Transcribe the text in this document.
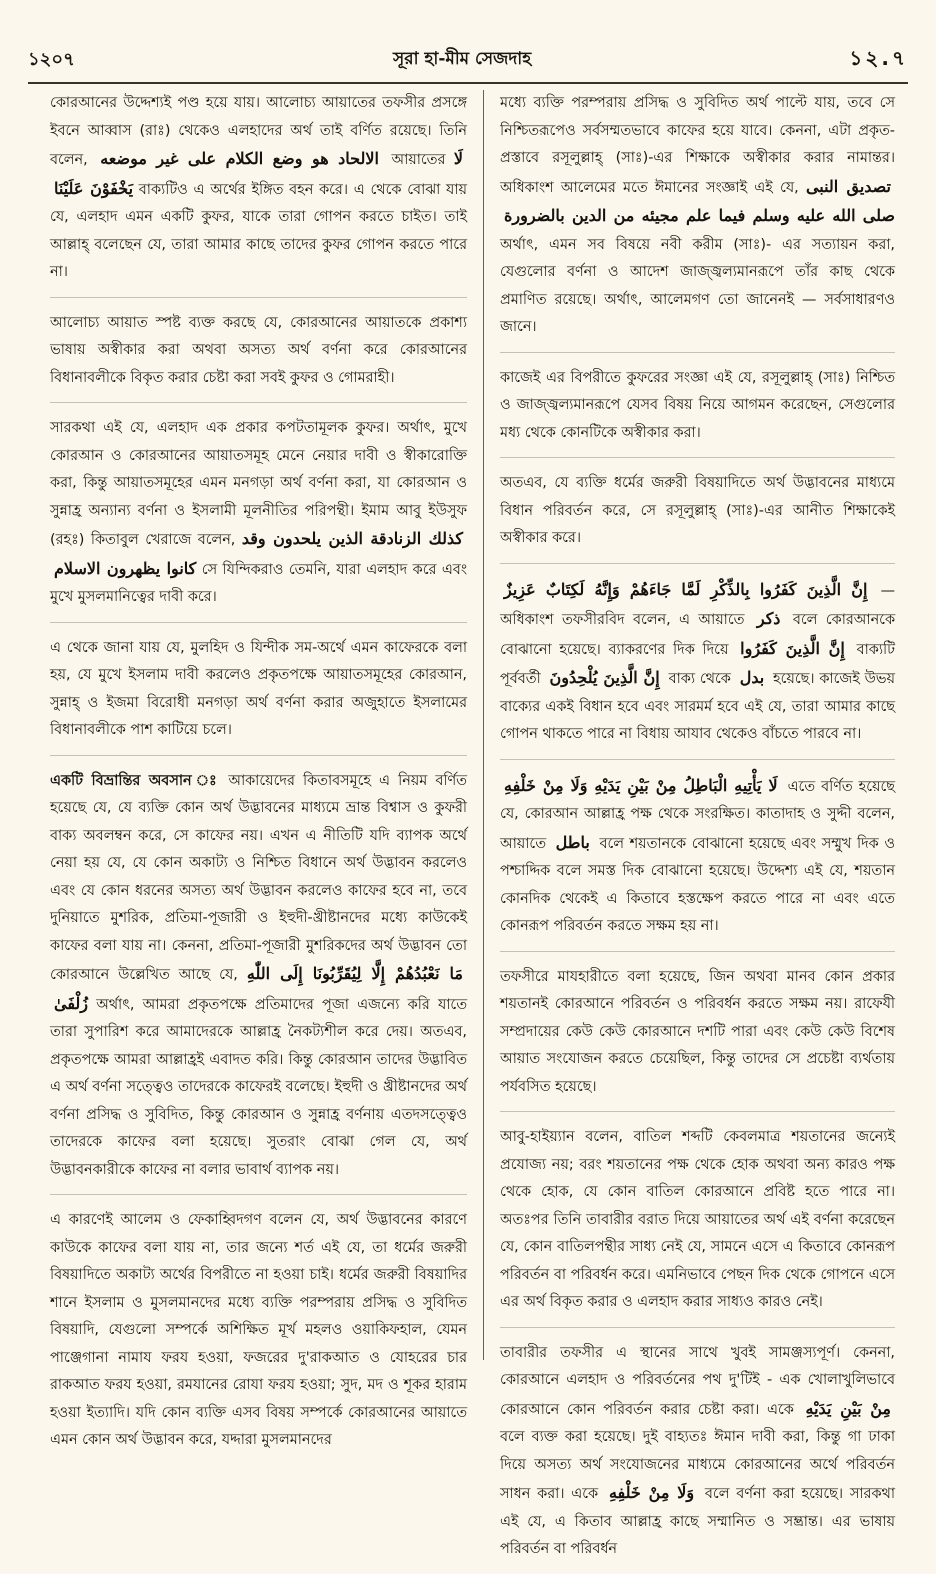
১২০৭	সূরা হা-মীম সেজদাহ	১২.৭

কোরআনের উদ্দেশ্যই পণ্ড হয়ে যায়। আলোচ্য আয়াতের তফসীর প্রসঙ্গে ইবনে আব্বাস (রাঃ) থেকেও এলহাদের অর্থ তাই বর্ণিত রয়েছে। তিনি বলেন, الالحاد هو وضع الكلام على غير موضعه আয়াতের لَا يَخْفَوْنَ عَلَيْنَا বাক্যটিও এ অর্থের ইঙ্গিত বহন করে। এ থেকে বোঝা যায় যে, এলহাদ এমন একটি কুফর, যাকে তারা গোপন করতে চাইত। তাই আল্লাহ্ বলেছেন যে, তারা আমার কাছে তাদের কুফর গোপন করতে পারে না।

আলোচ্য আয়াত স্পষ্ট ব্যক্ত করছে যে, কোরআনের আয়াতকে প্রকাশ্য ভাষায় অস্বীকার করা অথবা অসত্য অর্থ বর্ণনা করে কোরআনের বিধানাবলীকে বিকৃত করার চেষ্টা করা সবই কুফর ও গোমরাহী।

সারকথা এই যে, এলহাদ এক প্রকার কপটতামূলক কুফর। অর্থাৎ, মুখে কোরআন ও কোরআনের আয়াতসমূহ মেনে নেয়ার দাবী ও স্বীকারোক্তি করা, কিন্তু আয়াতসমূহের এমন মনগড়া অর্থ বর্ণনা করা, যা কোরআন ও সুন্নাহ্র অন্যান্য বর্ণনা ও ইসলামী মূলনীতির পরিপন্থী। ইমাম আবু ইউসুফ (রহঃ) কিতাবুল খেরাজে বলেন, كذلك الزنادقة الذين يلحدون وقد كانوا يظهرون الاسلام সে যিন্দিকরাও তেমনি, যারা এলহাদ করে এবং মুখে মুসলমানিত্বের দাবী করে।

এ থেকে জানা যায় যে, মুলহিদ ও যিন্দীক সম-অর্থে এমন কাফেরকে বলা হয়, যে মুখে ইসলাম দাবী করলেও প্রকৃতপক্ষে আয়াতসমূহের কোরআন, সুন্নাহ্ ও ইজমা বিরোধী মনগড়া অর্থ বর্ণনা করার অজুহাতে ইসলামের বিধানাবলীকে পাশ কাটিয়ে চলে।

একটি বিভ্রান্তির অবসান ঃ আকায়েদের কিতাবসমূহে এ নিয়ম বর্ণিত হয়েছে যে, যে ব্যক্তি কোন অর্থ উদ্ভাবনের মাধ্যমে ভ্রান্ত বিশ্বাস ও কুফরী বাক্য অবলম্বন করে, সে কাফের নয়। এখন এ নীতিটি যদি ব্যাপক অর্থে নেয়া হয় যে, যে কোন অকাট্য ও নিশ্চিত বিধানে অর্থ উদ্ভাবন করলেও এবং যে কোন ধরনের অসত্য অর্থ উদ্ভাবন করলেও কাফের হবে না, তবে দুনিয়াতে মুশরিক, প্রতিমা-পূজারী ও ইহুদী-খ্রীষ্টানদের মধ্যে কাউকেই কাফের বলা যায় না। কেননা, প্রতিমা-পূজারী মুশরিকদের অর্থ উদ্ভাবন তো কোরআনে উল্লেখিত আছে যে, مَا نَعْبُدُهُمْ إِلَّا لِيُقَرِّبُونَا إِلَى اللّٰهِ زُلْفَىٰ অর্থাৎ, আমরা প্রকৃতপক্ষে প্রতিমাদের পূজা এজন্যে করি যাতে তারা সুপারিশ করে আমাদেরকে আল্লাহ্র নৈকট্যশীল করে দেয়। অতএব, প্রকৃতপক্ষে আমরা আল্লাহ্রই এবাদত করি। কিন্তু কোরআন তাদের উদ্ভাবিত এ অর্থ বর্ণনা সত্ত্বেও তাদেরকে কাফেরই বলেছে। ইহুদী ও খ্রীষ্টানদের অর্থ বর্ণনা প্রসিদ্ধ ও সুবিদিত, কিন্তু কোরআন ও সুন্নাহ্র বর্ণনায় এতদসত্ত্বেও তাদেরকে কাফের বলা হয়েছে। সুতরাং বোঝা গেল যে, অর্থ উদ্ভাবনকারীকে কাফের না বলার ভাবার্থ ব্যাপক নয়।

এ কারণেই আলেম ও ফেকাহ্বিদগণ বলেন যে, অর্থ উদ্ভাবনের কারণে কাউকে কাফের বলা যায় না, তার জন্যে শর্ত এই যে, তা ধর্মের জরুরী বিষয়াদিতে অকাট্য অর্থের বিপরীতে না হওয়া চাই। ধর্মের জরুরী বিষয়াদির শানে ইসলাম ও মুসলমানদের মধ্যে ব্যক্তি পরম্পরায় প্রসিদ্ধ ও সুবিদিত বিষয়াদি, যেগুলো সম্পর্কে অশিক্ষিত মূর্খ মহলও ওয়াকিফহাল, যেমন পাঞ্জেগানা নামায ফরয হওয়া, ফজরের দু'রাকআত ও যোহরের চার রাকআত ফরয হওয়া, রমযানের রোযা ফরয হওয়া; সুদ, মদ ও শূকর হারাম হওয়া ইত্যাদি। যদি কোন ব্যক্তি এসব বিষয় সম্পর্কে কোরআনের আয়াতে এমন কোন অর্থ উদ্ভাবন করে, যদ্দারা মুসলমানদের

মধ্যে ব্যক্তি পরম্পরায় প্রসিদ্ধ ও সুবিদিত অর্থ পাল্টে যায়, তবে সে নিশ্চিতরূপেও সর্বসম্মতভাবে কাফের হয়ে যাবে। কেননা, এটা প্রকৃত-প্রস্তাবে রসূলুল্লাহ্ (সাঃ)-এর শিক্ষাকে অস্বীকার করার নামান্তর। অধিকাংশ আলেমের মতে ঈমানের সংজ্ঞাই এই যে, تصديق النبى صلى الله عليه وسلم فيما علم مجيئه من الدين بالضرورة অর্থাৎ, এমন সব বিষয়ে নবী করীম (সাঃ)- এর সত্যায়ন করা, যেগুলোর বর্ণনা ও আদেশ জাজ্জ্বল্যমানরূপে তাঁর কাছ থেকে প্রমাণিত রয়েছে। অর্থাৎ, আলেমগণ তো জানেনই — সর্বসাধারণও জানে।

কাজেই এর বিপরীতে কুফরের সংজ্ঞা এই যে, রসূলুল্লাহ্ (সাঃ) নিশ্চিত ও জাজ্জ্বল্যমানরূপে যেসব বিষয় নিয়ে আগমন করেছেন, সেগুলোর মধ্য থেকে কোনটিকে অস্বীকার করা।

অতএব, যে ব্যক্তি ধর্মের জরুরী বিষয়াদিতে অর্থ উদ্ভাবনের মাধ্যমে বিধান পরিবর্তন করে, সে রসূলুল্লাহ্ (সাঃ)-এর আনীত শিক্ষাকেই অস্বীকার করে।

إِنَّ الَّذِينَ كَفَرُوا بِالذِّكْرِ لَمَّا جَاءَهُمْ وَإِنَّهُ لَكِتَابٌ عَزِيزٌ —অধিকাংশ তফসীরবিদ বলেন, এ আয়াতে ذكر বলে কোরআনকে বোঝানো হয়েছে। ব্যাকরণের দিক দিয়ে إِنَّ الَّذِينَ كَفَرُوا বাক্যটি পূর্ববর্তী إِنَّ الَّذِينَ يُلْحِدُونَ বাক্য থেকে بدل হয়েছে। কাজেই উভয় বাক্যের একই বিধান হবে এবং সারমর্ম হবে এই যে, তারা আমার কাছে গোপন থাকতে পারে না বিধায় আযাব থেকেও বাঁচতে পারবে না।

لَا يَأْتِيهِ الْبَاطِلُ مِنْ بَيْنِ يَدَيْهِ وَلَا مِنْ خَلْفِهِ এতে বর্ণিত হয়েছে যে, কোরআন আল্লাহ্র পক্ষ থেকে সংরক্ষিত। কাতাদাহ ও সুদ্দী বলেন, আয়াতে باطل বলে শয়তানকে বোঝানো হয়েছে এবং সম্মুখ দিক ও পশ্চাদ্দিক বলে সমস্ত দিক বোঝানো হয়েছে। উদ্দেশ্য এই যে, শয়তান কোনদিক থেকেই এ কিতাবে হস্তক্ষেপ করতে পারে না এবং এতে কোনরূপ পরিবর্তন করতে সক্ষম হয় না।

তফসীরে মাযহারীতে বলা হয়েছে, জিন অথবা মানব কোন প্রকার শয়তানই কোরআনে পরিবর্তন ও পরিবর্ধন করতে সক্ষম নয়। রাফেযী সম্প্রদায়ের কেউ কেউ কোরআনে দশটি পারা এবং কেউ কেউ বিশেষ আয়াত সংযোজন করতে চেয়েছিল, কিন্তু তাদের সে প্রচেষ্টা ব্যর্থতায় পর্যবসিত হয়েছে।

আবু-হাইয়্যান বলেন, বাতিল শব্দটি কেবলমাত্র শয়তানের জন্যেই প্রযোজ্য নয়; বরং শয়তানের পক্ষ থেকে হোক অথবা অন্য কারও পক্ষ থেকে হোক, যে কোন বাতিল কোরআনে প্রবিষ্ট হতে পারে না। অতঃপর তিনি তাবারীর বরাত দিয়ে আয়াতের অর্থ এই বর্ণনা করেছেন যে, কোন বাতিলপন্থীর সাধ্য নেই যে, সামনে এসে এ কিতাবে কোনরূপ পরিবর্তন বা পরিবর্ধন করে। এমনিভাবে পেছন দিক থেকে গোপনে এসে এর অর্থ বিকৃত করার ও এলহাদ করার সাধ্যও কারও নেই।

তাবারীর তফসীর এ স্থানের সাথে খুবই সামঞ্জস্যপূর্ণ। কেননা, কোরআনে এলহাদ ও পরিবর্তনের পথ দু'টিই - এক খোলাখুলিভাবে কোরআনে কোন পরিবর্তন করার চেষ্টা করা। একে مِنْ بَيْنِ يَدَيْهِ বলে ব্যক্ত করা হয়েছে। দুই বাহ্যতঃ ঈমান দাবী করা, কিন্তু গা ঢাকা দিয়ে অসত্য অর্থ সংযোজনের মাধ্যমে কোরআনের অর্থে পরিবর্তন সাধন করা। একে وَلَا مِنْ خَلْفِهِ বলে বর্ণনা করা হয়েছে। সারকথা এই যে, এ কিতাব আল্লাহ্র কাছে সম্মানিত ও সম্ভ্রান্ত। এর ভাষায় পরিবর্তন বা পরিবর্ধন
